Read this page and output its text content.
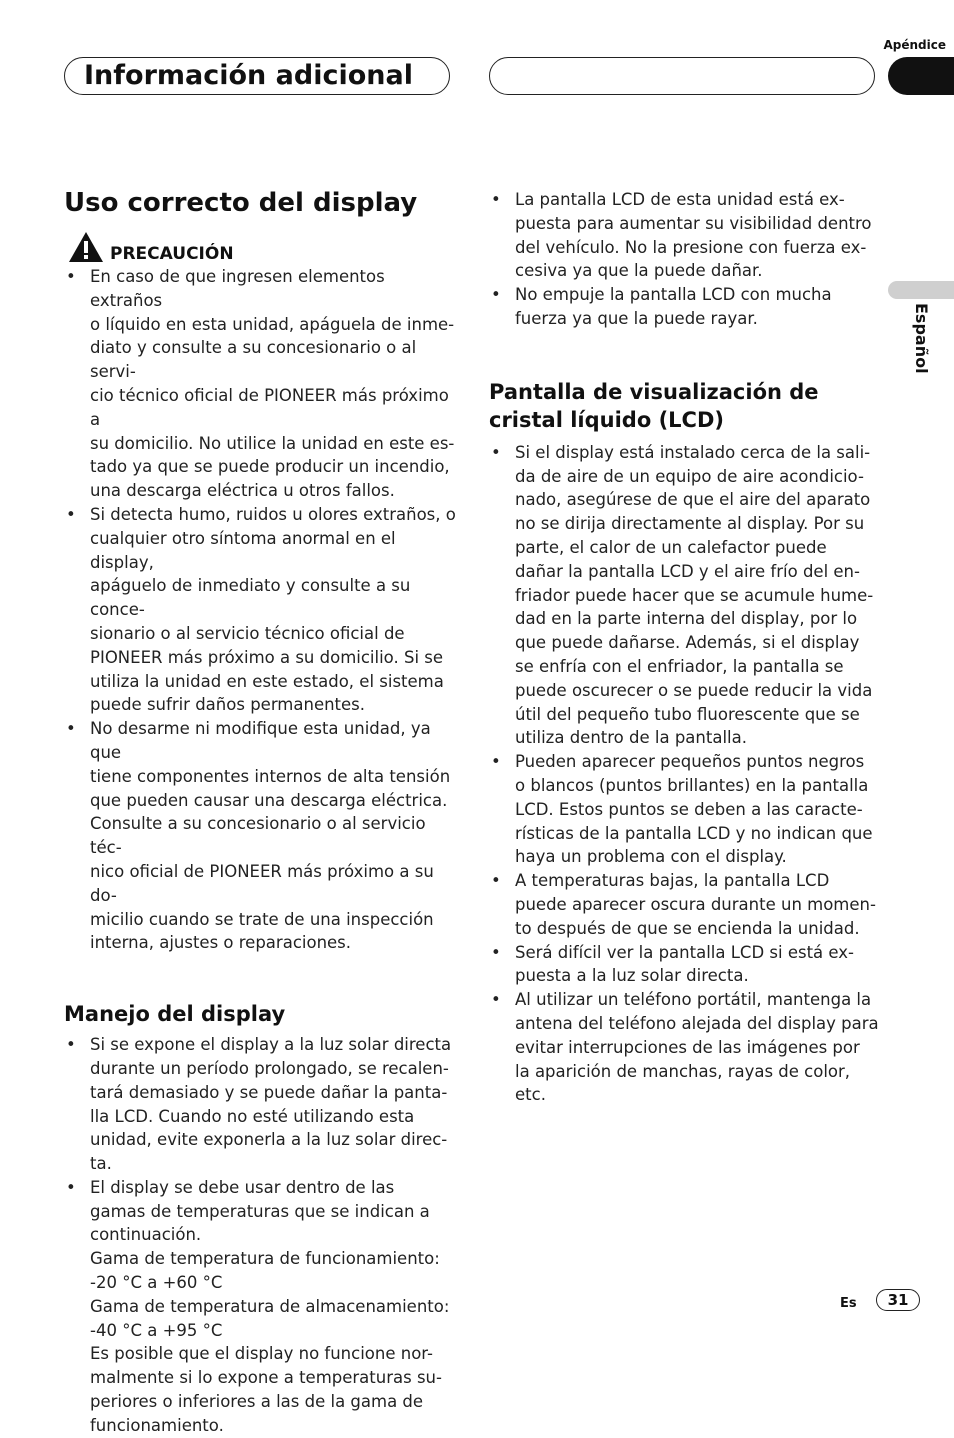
Apéndice
Información adicional
Español
Uso correcto del display
PRECAUCIÓN
• En caso de que ingresen elementos extraños
o líquido en esta unidad, apáguela de inme-
diato y consulte a su concesionario o al servi-
cio técnico oficial de PIONEER más próximo a
su domicilio. No utilice la unidad en este es-
tado ya que se puede producir un incendio,
una descarga eléctrica u otros fallos.
• Si detecta humo, ruidos u olores extraños, o
cualquier otro síntoma anormal en el display,
apáguelo de inmediato y consulte a su conce-
sionario o al servicio técnico oficial de
PIONEER más próximo a su domicilio. Si se
utiliza la unidad en este estado, el sistema
puede sufrir daños permanentes.
• No desarme ni modifique esta unidad, ya que
tiene componentes internos de alta tensión
que pueden causar una descarga eléctrica.
Consulte a su concesionario o al servicio téc-
nico oficial de PIONEER más próximo a su do-
micilio cuando se trate de una inspección
interna, ajustes o reparaciones.
Manejo del display
• Si se expone el display a la luz solar directa
durante un período prolongado, se recalen-
tará demasiado y se puede dañar la panta-
lla LCD. Cuando no esté utilizando esta
unidad, evite exponerla a la luz solar direc-
ta.
• El display se debe usar dentro de las
gamas de temperaturas que se indican a
continuación.
Gama de temperatura de funcionamiento:
-20 °C a +60 °C
Gama de temperatura de almacenamiento:
-40 °C a +95 °C
Es posible que el display no funcione nor-
malmente si lo expone a temperaturas su-
periores o inferiores a las de la gama de
funcionamiento.
• La pantalla LCD de esta unidad está ex-
puesta para aumentar su visibilidad dentro
del vehículo. No la presione con fuerza ex-
cesiva ya que la puede dañar.
• No empuje la pantalla LCD con mucha
fuerza ya que la puede rayar.
Pantalla de visualización de
cristal líquido (LCD)
• Si el display está instalado cerca de la sali-
da de aire de un equipo de aire acondicio-
nado, asegúrese de que el aire del aparato
no se dirija directamente al display. Por su
parte, el calor de un calefactor puede
dañar la pantalla LCD y el aire frío del en-
friador puede hacer que se acumule hume-
dad en la parte interna del display, por lo
que puede dañarse. Además, si el display
se enfría con el enfriador, la pantalla se
puede oscurecer o se puede reducir la vida
útil del pequeño tubo fluorescente que se
utiliza dentro de la pantalla.
• Pueden aparecer pequeños puntos negros
o blancos (puntos brillantes) en la pantalla
LCD. Estos puntos se deben a las caracte-
rísticas de la pantalla LCD y no indican que
haya un problema con el display.
• A temperaturas bajas, la pantalla LCD
puede aparecer oscura durante un momen-
to después de que se encienda la unidad.
• Será difícil ver la pantalla LCD si está ex-
puesta a la luz solar directa.
• Al utilizar un teléfono portátil, mantenga la
antena del teléfono alejada del display para
evitar interrupciones de las imágenes por
la aparición de manchas, rayas de color,
etc.
Es	31
